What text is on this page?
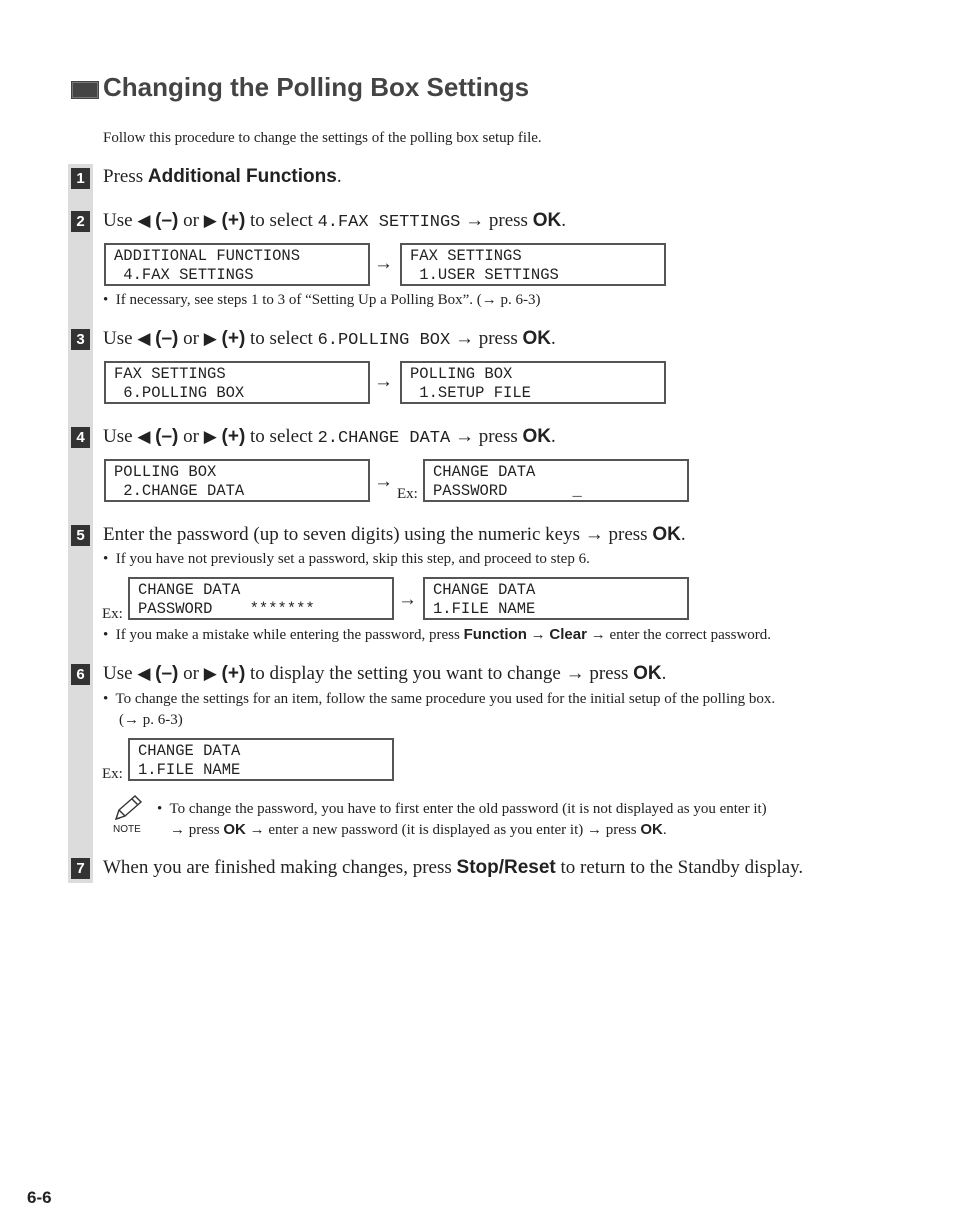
Changing the Polling Box Settings
Follow this procedure to change the settings of the polling box setup file.
1 Press Additional Functions.
2 Use ◀ (–) or ▶ (+) to select 4.FAX SETTINGS → press OK.
ADDITIONAL FUNCTIONS
4.FAX SETTINGS
→	FAX SETTINGS
1.USER SETTINGS
• If necessary, see steps 1 to 3 of “Setting Up a Polling Box”. (→ p. 6-3)
3 Use ◀ (–) or ▶ (+) to select 6.POLLING BOX → press OK.
FAX SETTINGS
6.POLLING BOX
→	POLLING BOX
1.SETUP FILE
4 Use ◀ (–) or ▶ (+) to select 2.CHANGE DATA → press OK.
POLLING BOX
2.CHANGE DATA	→
Ex:
CHANGE DATA
PASSWORD       _
5 Enter the password (up to seven digits) using the numeric keys → press OK.
• If you have not previously set a password, skip this step, and proceed to step 6.
Ex:
CHANGE DATA
PASSWORD    *******	→	CHANGE DATA
1.FILE NAME
• If you make a mistake while entering the password, press Function → Clear → enter the correct password.
6 Use ◀ (–) or ▶ (+) to display the setting you want to change → press OK.
• To change the settings for an item, follow the same procedure you used for the initial setup of the polling box.
(→ p. 6-3)
Ex:
CHANGE DATA
1.FILE NAME
NOTE
• To change the password, you have to first enter the old password (it is not displayed as you enter it)
→ press OK → enter a new password (it is displayed as you enter it) → press OK.
7 When you are finished making changes, press Stop/Reset to return to the Standby display.
6-6
